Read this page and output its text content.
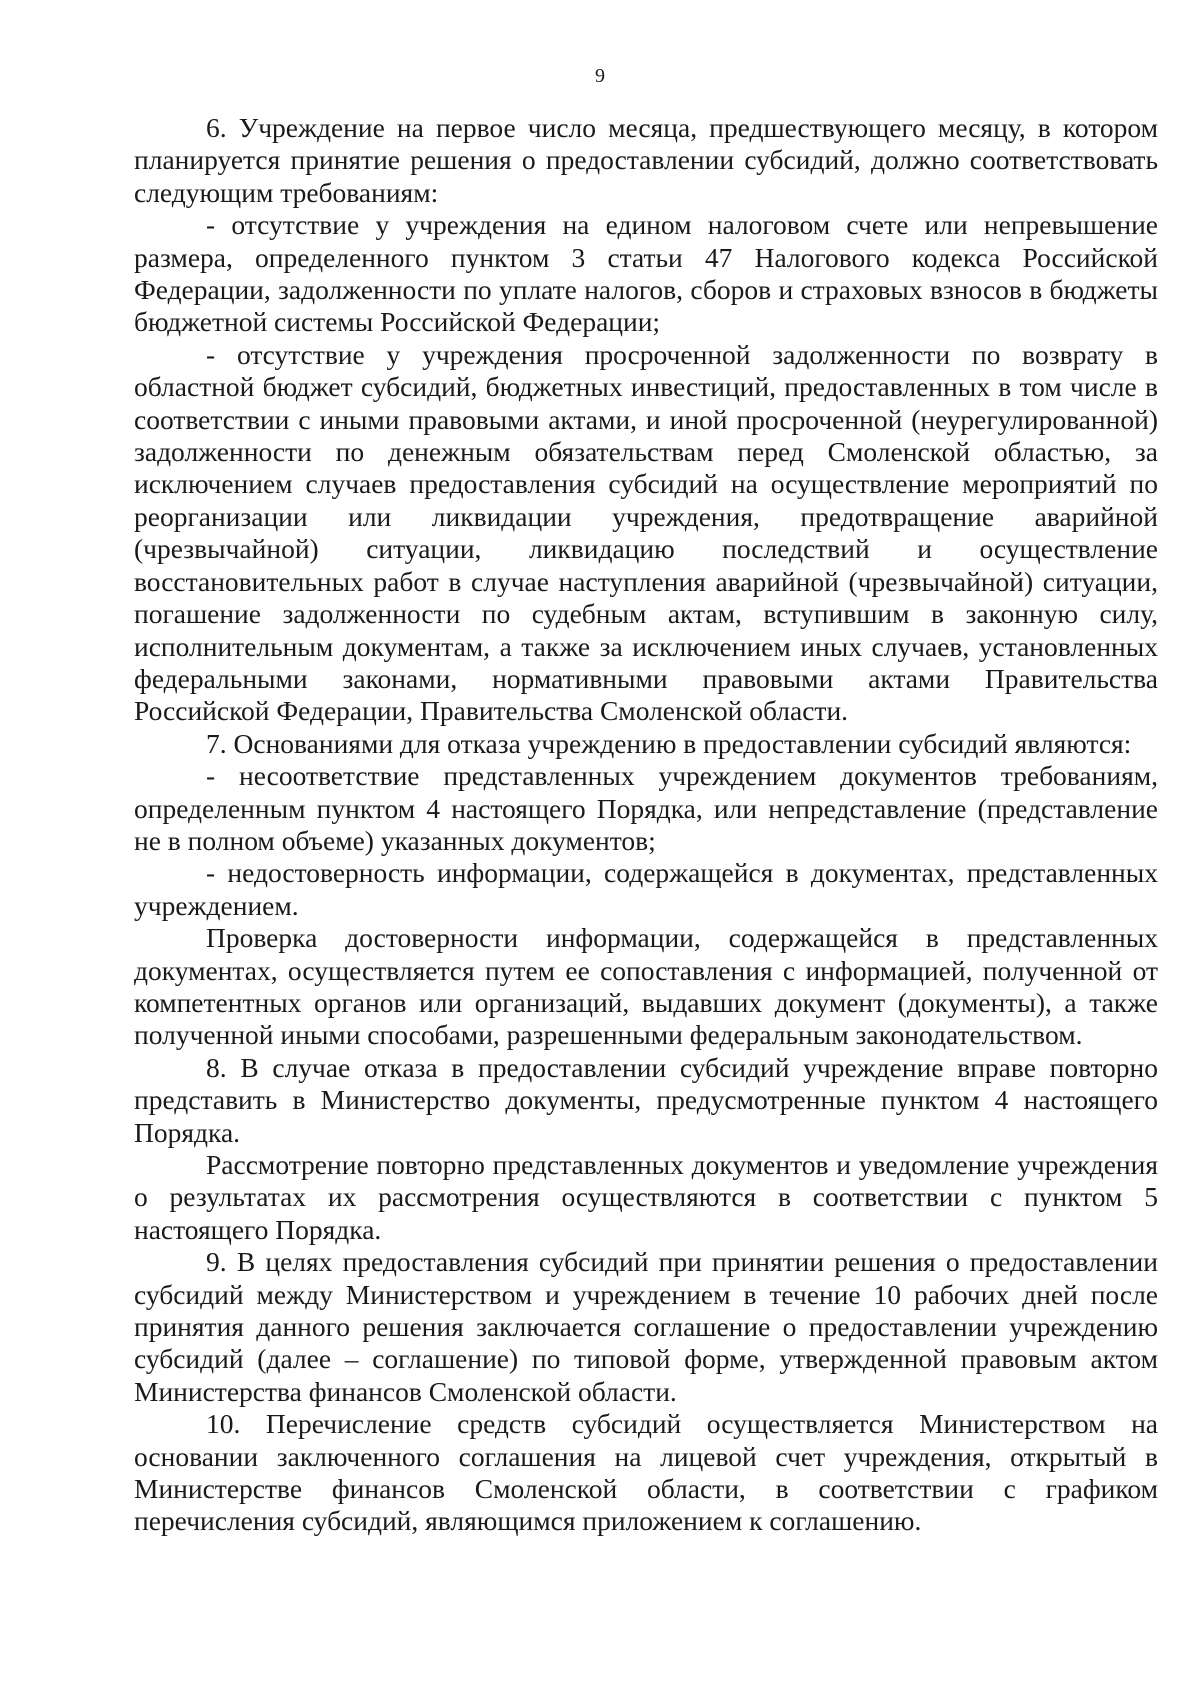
9

6. Учреждение на первое число месяца, предшествующего месяцу, в котором планируется принятие решения о предоставлении субсидий, должно соответствовать следующим требованиям:

- отсутствие у учреждения на едином налоговом счете или непревышение размера, определенного пунктом 3 статьи 47 Налогового кодекса Российской Федерации, задолженности по уплате налогов, сборов и страховых взносов в бюджеты бюджетной системы Российской Федерации;

- отсутствие у учреждения просроченной задолженности по возврату в областной бюджет субсидий, бюджетных инвестиций, предоставленных в том числе в соответствии с иными правовыми актами, и иной просроченной (неурегулированной) задолженности по денежным обязательствам перед Смоленской областью, за исключением случаев предоставления субсидий на осуществление мероприятий по реорганизации или ликвидации учреждения, предотвращение аварийной (чрезвычайной) ситуации, ликвидацию последствий и осуществление восстановительных работ в случае наступления аварийной (чрезвычайной) ситуации, погашение задолженности по судебным актам, вступившим в законную силу, исполнительным документам, а также за исключением иных случаев, установленных федеральными законами, нормативными правовыми актами Правительства Российской Федерации, Правительства Смоленской области.

7. Основаниями для отказа учреждению в предоставлении субсидий являются:

- несоответствие представленных учреждением документов требованиям, определенным пунктом 4 настоящего Порядка, или непредставление (представление не в полном объеме) указанных документов;

- недостоверность информации, содержащейся в документах, представленных учреждением.

Проверка достоверности информации, содержащейся в представленных документах, осуществляется путем ее сопоставления с информацией, полученной от компетентных органов или организаций, выдавших документ (документы), а также полученной иными способами, разрешенными федеральным законодательством.

8. В случае отказа в предоставлении субсидий учреждение вправе повторно представить в Министерство документы, предусмотренные пунктом 4 настоящего Порядка.

Рассмотрение повторно представленных документов и уведомление учреждения о результатах их рассмотрения осуществляются в соответствии с пунктом 5 настоящего Порядка.

9. В целях предоставления субсидий при принятии решения о предоставлении субсидий между Министерством и учреждением в течение 10 рабочих дней после принятия данного решения заключается соглашение о предоставлении учреждению субсидий (далее – соглашение) по типовой форме, утвержденной правовым актом Министерства финансов Смоленской области.

10. Перечисление средств субсидий осуществляется Министерством на основании заключенного соглашения на лицевой счет учреждения, открытый в Министерстве финансов Смоленской области, в соответствии с графиком перечисления субсидий, являющимся приложением к соглашению.
